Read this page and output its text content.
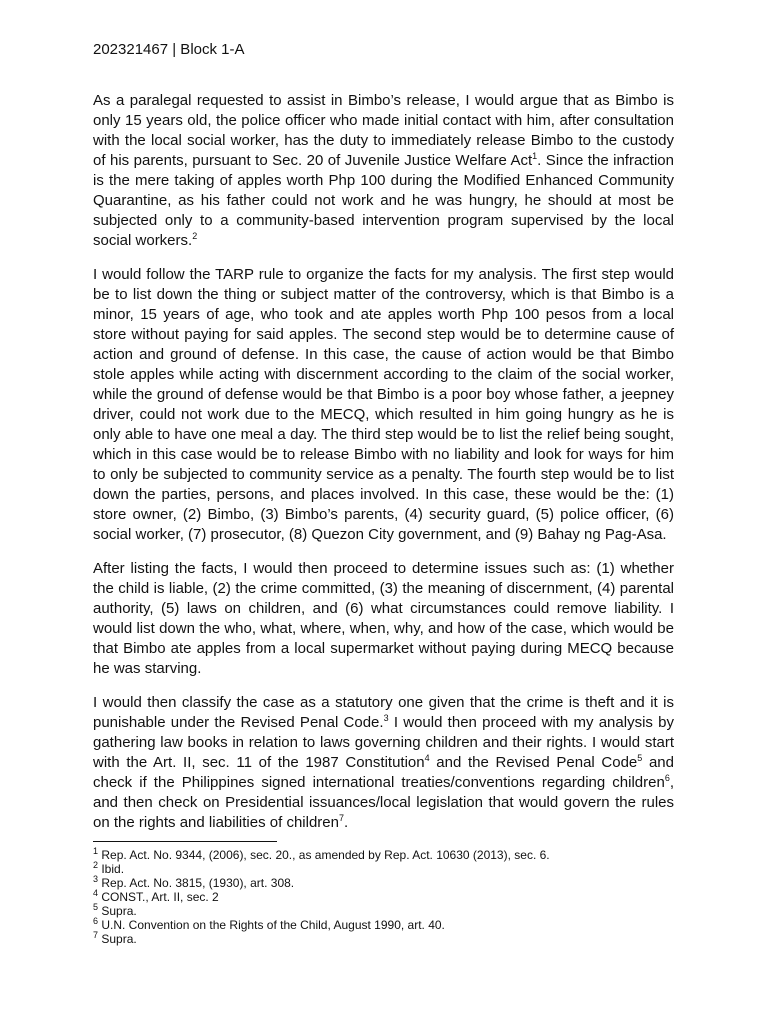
202321467 | Block 1-A

As a paralegal requested to assist in Bimbo’s release, I would argue that as Bimbo is only 15 years old, the police officer who made initial contact with him, after consultation with the local social worker, has the duty to immediately release Bimbo to the custody of his parents, pursuant to Sec. 20 of Juvenile Justice Welfare Act$^1$. Since the infraction is the mere taking of apples worth Php 100 during the Modified Enhanced Community Quarantine, as his father could not work and he was hungry, he should at most be subjected only to a community-based intervention program supervised by the local social workers.$^2$

I would follow the TARP rule to organize the facts for my analysis. The first step would be to list down the thing or subject matter of the controversy, which is that Bimbo is a minor, 15 years of age, who took and ate apples worth Php 100 pesos from a local store without paying for said apples. The second step would be to determine cause of action and ground of defense. In this case, the cause of action would be that Bimbo stole apples while acting with discernment according to the claim of the social worker, while the ground of defense would be that Bimbo is a poor boy whose father, a jeepney driver, could not work due to the MECQ, which resulted in him going hungry as he is only able to have one meal a day. The third step would be to list the relief being sought, which in this case would be to release Bimbo with no liability and look for ways for him to only be subjected to community service as a penalty. The fourth step would be to list down the parties, persons, and places involved. In this case, these would be the: (1) store owner, (2) Bimbo, (3) Bimbo’s parents, (4) security guard, (5) police officer, (6) social worker, (7) prosecutor, (8) Quezon City government, and (9) Bahay ng Pag-Asa.

After listing the facts, I would then proceed to determine issues such as: (1) whether the child is liable, (2) the crime committed, (3) the meaning of discernment, (4) parental authority, (5) laws on children, and (6) what circumstances could remove liability. I would list down the who, what, where, when, why, and how of the case, which would be that Bimbo ate apples from a local supermarket without paying during MECQ because he was starving.

I would then classify the case as a statutory one given that the crime is theft and it is punishable under the Revised Penal Code.$^3$ I would then proceed with my analysis by gathering law books in relation to laws governing children and their rights. I would start with the Art. II, sec. 11 of the 1987 Constitution$^4$ and the Revised Penal Code$^5$ and check if the Philippines signed international treaties/conventions regarding children$^6$, and then check on Presidential issuances/local legislation that would govern the rules on the rights and liabilities of children$^7$.

$^1$ Rep. Act. No. 9344, (2006), sec. 20., as amended by Rep. Act. 10630 (2013), sec. 6.
$^2$ Ibid.
$^3$ Rep. Act. No. 3815, (1930), art. 308.
$^4$ CONST., Art. II, sec. 2
$^5$ Supra.
$^6$ U.N. Convention on the Rights of the Child, August 1990, art. 40.
$^7$ Supra.
